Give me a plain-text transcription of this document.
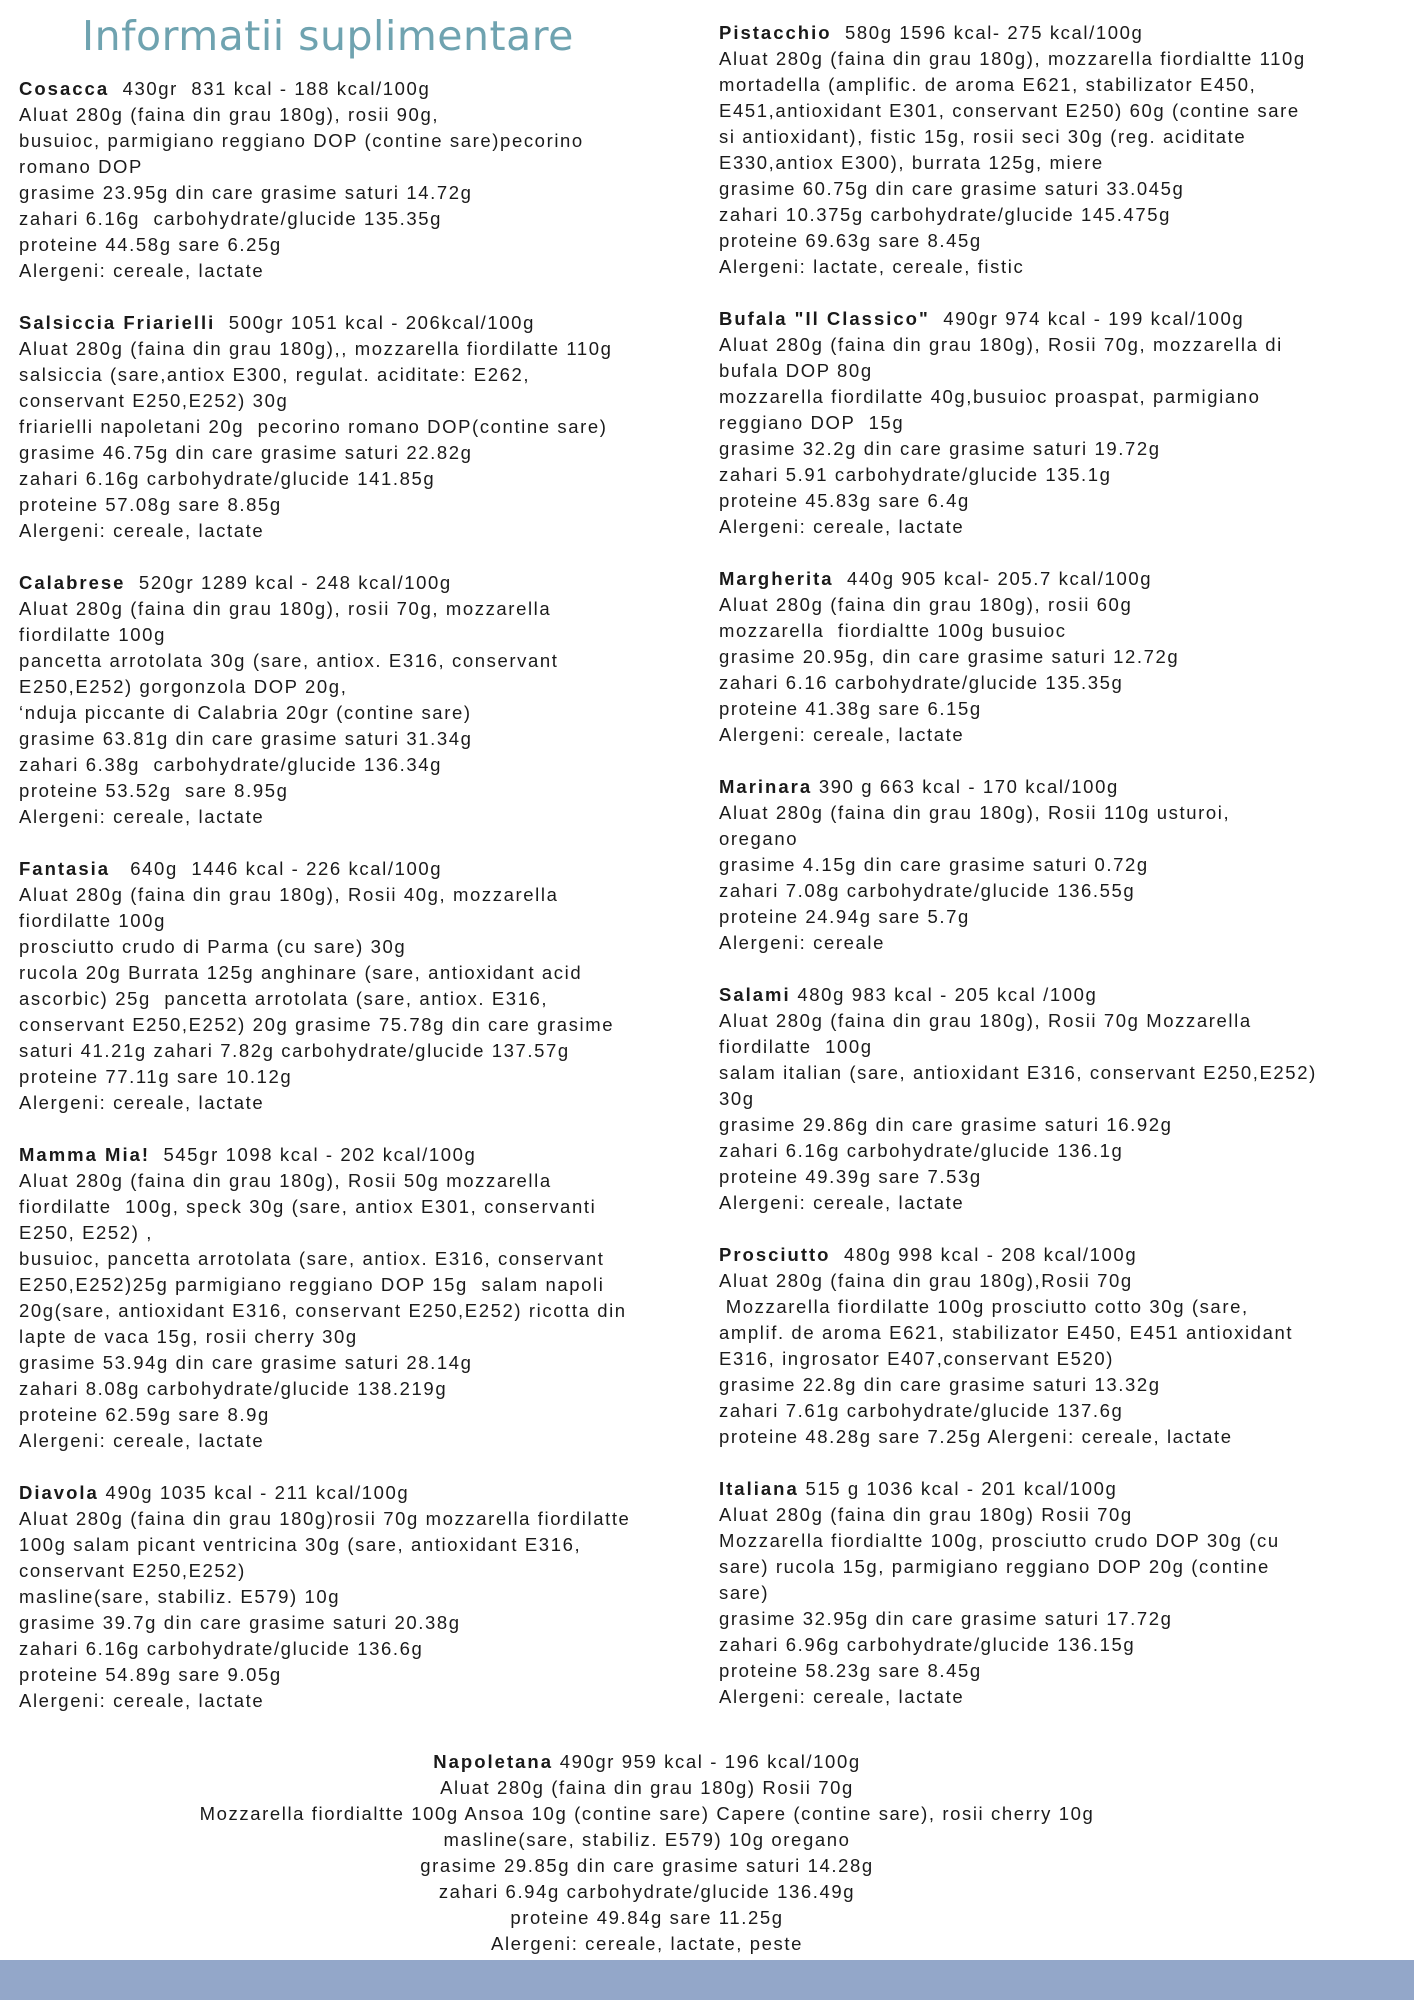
Informatii suplimentare
Cosacca  430gr  831 kcal - 188 kcal/100g
Aluat 280g (faina din grau 180g), rosii 90g,
busuioc, parmigiano reggiano DOP (contine sare)pecorino
romano DOP
grasime 23.95g din care grasime saturi 14.72g
zahari 6.16g  carbohydrate/glucide 135.35g
proteine 44.58g sare 6.25g
Alergeni: cereale, lactate
Salsiccia Friarielli  500gr 1051 kcal - 206kcal/100g
Aluat 280g (faina din grau 180g),, mozzarella fiordilatte 110g
salsiccia (sare,antiox E300, regulat. aciditate: E262,
conservant E250,E252) 30g
friarielli napoletani 20g  pecorino romano DOP(contine sare)
grasime 46.75g din care grasime saturi 22.82g
zahari 6.16g carbohydrate/glucide 141.85g
proteine 57.08g sare 8.85g
Alergeni: cereale, lactate
Calabrese  520gr 1289 kcal - 248 kcal/100g
Aluat 280g (faina din grau 180g), rosii 70g, mozzarella
fiordilatte 100g
pancetta arrotolata 30g (sare, antiox. E316, conservant
E250,E252) gorgonzola DOP 20g,
‘nduja piccante di Calabria 20gr (contine sare)
grasime 63.81g din care grasime saturi 31.34g
zahari 6.38g  carbohydrate/glucide 136.34g
proteine 53.52g  sare 8.95g
Alergeni: cereale, lactate
Fantasia   640g  1446 kcal - 226 kcal/100g
Aluat 280g (faina din grau 180g), Rosii 40g, mozzarella
fiordilatte 100g
prosciutto crudo di Parma (cu sare) 30g
rucola 20g Burrata 125g anghinare (sare, antioxidant acid
ascorbic) 25g  pancetta arrotolata (sare, antiox. E316,
conservant E250,E252) 20g grasime 75.78g din care grasime
saturi 41.21g zahari 7.82g carbohydrate/glucide 137.57g
proteine 77.11g sare 10.12g
Alergeni: cereale, lactate
Mamma Mia!  545gr 1098 kcal - 202 kcal/100g
Aluat 280g (faina din grau 180g), Rosii 50g mozzarella
fiordilatte  100g, speck 30g (sare, antiox E301, conservanti
E250, E252) ,
busuioc, pancetta arrotolata (sare, antiox. E316, conservant
E250,E252)25g parmigiano reggiano DOP 15g  salam napoli
20g(sare, antioxidant E316, conservant E250,E252) ricotta din
lapte de vaca 15g, rosii cherry 30g
grasime 53.94g din care grasime saturi 28.14g
zahari 8.08g carbohydrate/glucide 138.219g
proteine 62.59g sare 8.9g
Alergeni: cereale, lactate
Diavola 490g 1035 kcal - 211 kcal/100g
Aluat 280g (faina din grau 180g)rosii 70g mozzarella fiordilatte
100g salam picant ventricina 30g (sare, antioxidant E316,
conservant E250,E252)
masline(sare, stabiliz. E579) 10g
grasime 39.7g din care grasime saturi 20.38g
zahari 6.16g carbohydrate/glucide 136.6g
proteine 54.89g sare 9.05g
Alergeni: cereale, lactate
Pistacchio  580g 1596 kcal- 275 kcal/100g
Aluat 280g (faina din grau 180g), mozzarella fiordialtte 110g
mortadella (amplific. de aroma E621, stabilizator E450,
E451,antioxidant E301, conservant E250) 60g (contine sare
si antioxidant), fistic 15g, rosii seci 30g (reg. aciditate
E330,antiox E300), burrata 125g, miere
grasime 60.75g din care grasime saturi 33.045g
zahari 10.375g carbohydrate/glucide 145.475g
proteine 69.63g sare 8.45g
Alergeni: lactate, cereale, fistic
Bufala "Il Classico"  490gr 974 kcal - 199 kcal/100g
Aluat 280g (faina din grau 180g), Rosii 70g, mozzarella di
bufala DOP 80g
mozzarella fiordilatte 40g,busuioc proaspat, parmigiano
reggiano DOP  15g
grasime 32.2g din care grasime saturi 19.72g
zahari 5.91 carbohydrate/glucide 135.1g
proteine 45.83g sare 6.4g
Alergeni: cereale, lactate
Margherita  440g 905 kcal- 205.7 kcal/100g
Aluat 280g (faina din grau 180g), rosii 60g
mozzarella  fiordialtte 100g busuioc
grasime 20.95g, din care grasime saturi 12.72g
zahari 6.16 carbohydrate/glucide 135.35g
proteine 41.38g sare 6.15g
Alergeni: cereale, lactate
Marinara 390 g 663 kcal - 170 kcal/100g
Aluat 280g (faina din grau 180g), Rosii 110g usturoi,
oregano
grasime 4.15g din care grasime saturi 0.72g
zahari 7.08g carbohydrate/glucide 136.55g
proteine 24.94g sare 5.7g
Alergeni: cereale
Salami 480g 983 kcal - 205 kcal /100g
Aluat 280g (faina din grau 180g), Rosii 70g Mozzarella
fiordilatte  100g
salam italian (sare, antioxidant E316, conservant E250,E252)
30g
grasime 29.86g din care grasime saturi 16.92g
zahari 6.16g carbohydrate/glucide 136.1g
proteine 49.39g sare 7.53g
Alergeni: cereale, lactate
Prosciutto  480g 998 kcal - 208 kcal/100g
Aluat 280g (faina din grau 180g),Rosii 70g
Mozzarella fiordilatte 100g prosciutto cotto 30g (sare,
amplif. de aroma E621, stabilizator E450, E451 antioxidant
E316, ingrosator E407,conservant E520)
grasime 22.8g din care grasime saturi 13.32g
zahari 7.61g carbohydrate/glucide 137.6g
proteine 48.28g sare 7.25g Alergeni: cereale, lactate
Italiana 515 g 1036 kcal - 201 kcal/100g
Aluat 280g (faina din grau 180g) Rosii 70g
Mozzarella fiordialtte 100g, prosciutto crudo DOP 30g (cu
sare) rucola 15g, parmigiano reggiano DOP 20g (contine
sare)
grasime 32.95g din care grasime saturi 17.72g
zahari 6.96g carbohydrate/glucide 136.15g
proteine 58.23g sare 8.45g
Alergeni: cereale, lactate
Napoletana 490gr 959 kcal - 196 kcal/100g
Aluat 280g (faina din grau 180g) Rosii 70g
Mozzarella fiordialtte 100g Ansoa 10g (contine sare) Capere (contine sare), rosii cherry 10g
masline(sare, stabiliz. E579) 10g oregano
grasime 29.85g din care grasime saturi 14.28g
zahari 6.94g carbohydrate/glucide 136.49g
proteine 49.84g sare 11.25g
Alergeni: cereale, lactate, peste
